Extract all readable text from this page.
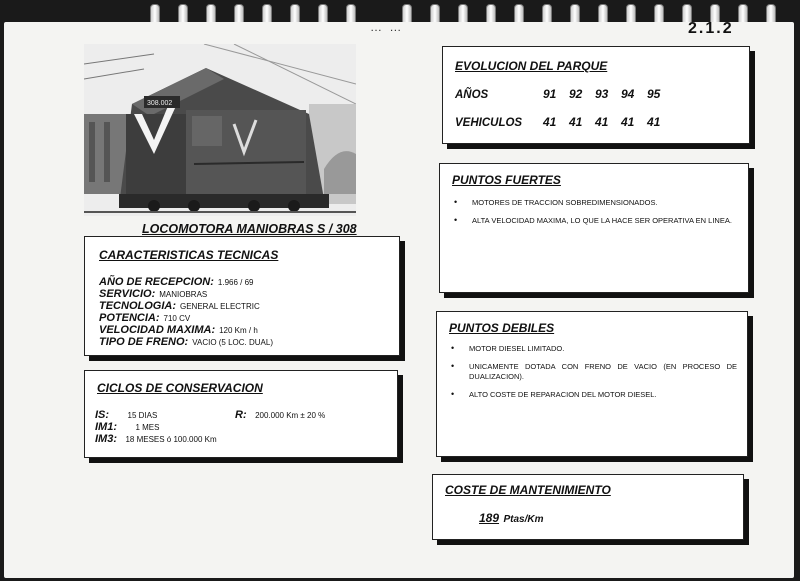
… …	2.1.2
308.002
LOCOMOTORA MANIOBRAS S / 308
CARACTERISTICAS TECNICAS
AÑO DE RECEPCION: 1.966 / 69
SERVICIO: MANIOBRAS
TECNOLOGIA: GENERAL ELECTRIC
POTENCIA: 710 CV
VELOCIDAD MAXIMA: 120 Km / h
TIPO DE FRENO: VACIO (5 LOC. DUAL)
CICLOS DE CONSERVACION
IS: 15 DIAS	R: 200.000 Km ± 20 %
IM1: 1 MES
IM3: 18 MESES ó 100.000 Km
EVOLUCION DEL PARQUE
AÑOS	91 92 93 94 95
VEHICULOS 41 41 41 41 41
PUNTOS FUERTES
• MOTORES DE TRACCION SOBREDIMENSIONADOS.
• ALTA VELOCIDAD MAXIMA, LO QUE LA HACE SER OPERATIVA EN LINEA.
PUNTOS DEBILES
• MOTOR DIESEL LIMITADO.
• UNICAMENTE DOTADA CON FRENO DE VACIO (EN PROCESO DE DUALIZACION).
• ALTO COSTE DE REPARACION DEL MOTOR DIESEL.
COSTE DE MANTENIMIENTO
189 Ptas/Km
